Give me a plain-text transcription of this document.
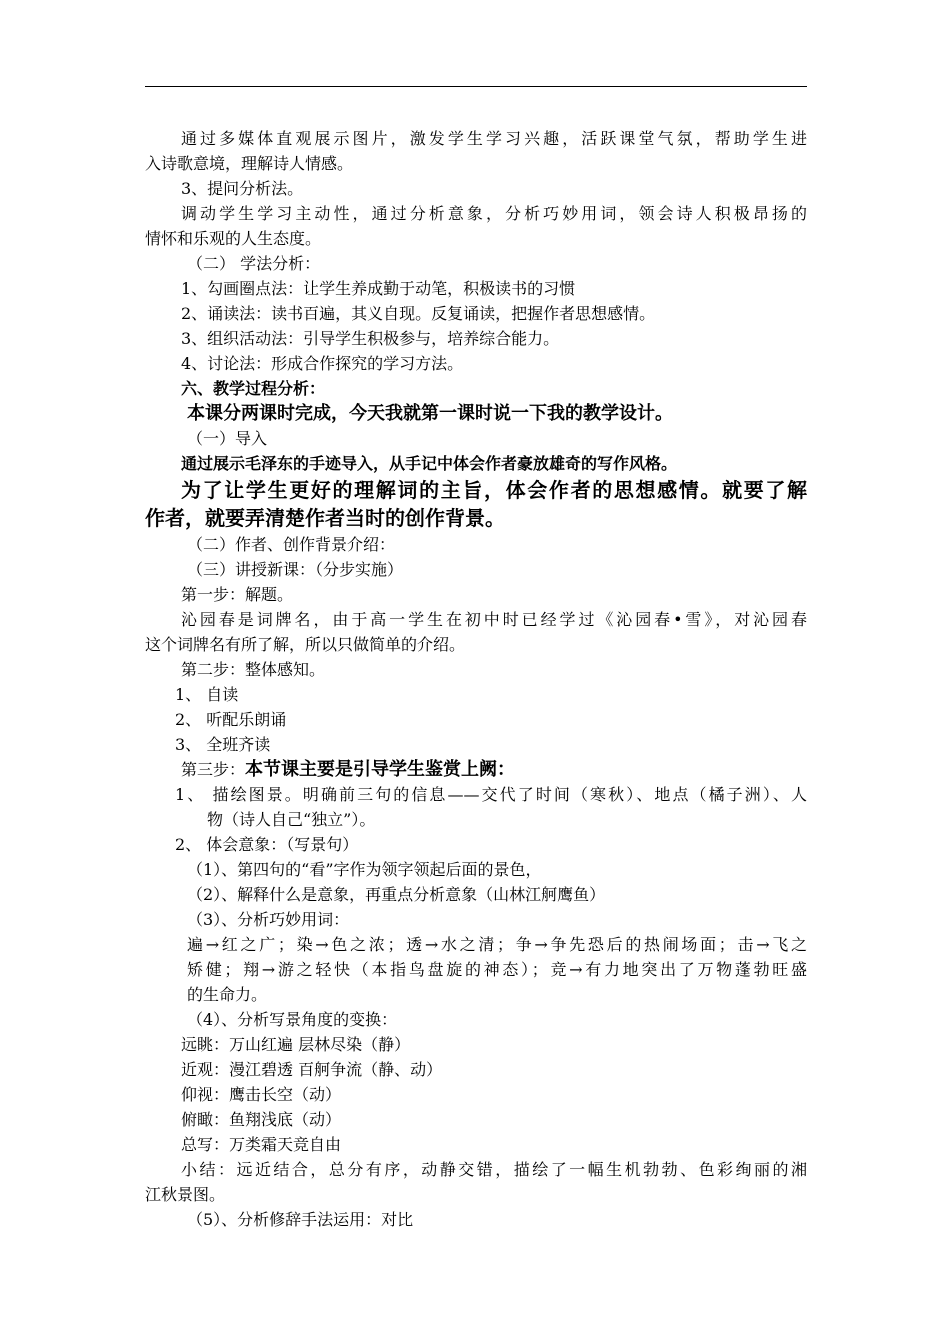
通过多媒体直观展示图片，激发学生学习兴趣，活跃课堂气氛，帮助学生进
入诗歌意境，理解诗人情感。
3、提问分析法。
调动学生学习主动性，通过分析意象，分析巧妙用词，领会诗人积极昂扬的
情怀和乐观的人生态度。
（二） 学法分析：
1、勾画圈点法：让学生养成勤于动笔，积极读书的习惯
2、诵读法：读书百遍，其义自现。反复诵读，把握作者思想感情。
3、组织活动法：引导学生积极参与，培养综合能力。
4、讨论法：形成合作探究的学习方法。
六、教学过程分析：
本课分两课时完成，今天我就第一课时说一下我的教学设计。
（一）导入
通过展示毛泽东的手迹导入，从手记中体会作者豪放雄奇的写作风格。
为了让学生更好的理解词的主旨，体会作者的思想感情。就要了解
作者，就要弄清楚作者当时的创作背景。
（二）作者、创作背景介绍：
（三）讲授新课：（分步实施）
第一步：解题。
沁园春是词牌名，由于高一学生在初中时已经学过《沁园春•雪》，对沁园春
这个词牌名有所了解，所以只做简单的介绍。
第二步：整体感知。
1、 自读
2、 听配乐朗诵
3、 全班齐读
第三步：本节课主要是引导学生鉴赏上阙：
1、 描绘图景。明确前三句的信息——交代了时间（寒秋）、地点（橘子洲）、人
物（诗人自己“独立”）。
2、 体会意象：（写景句）
（1）、第四句的“看”字作为领字领起后面的景色，
（2）、解释什么是意象，再重点分析意象（山林江舸鹰鱼）
（3）、分析巧妙用词：
遍→红之广；染→色之浓；透→水之清；争→争先恐后的热闹场面；击→飞之
矫健；翔→游之轻快（本指鸟盘旋的神态）；竞→有力地突出了万物蓬勃旺盛
的生命力。
（4）、分析写景角度的变换：
远眺：万山红遍 层林尽染（静）
近观：漫江碧透 百舸争流（静、动）
仰视：鹰击长空（动）
俯瞰：鱼翔浅底（动）
总写：万类霜天竞自由
小结：远近结合，总分有序，动静交错，描绘了一幅生机勃勃、色彩绚丽的湘
江秋景图。
（5）、分析修辞手法运用：对比
